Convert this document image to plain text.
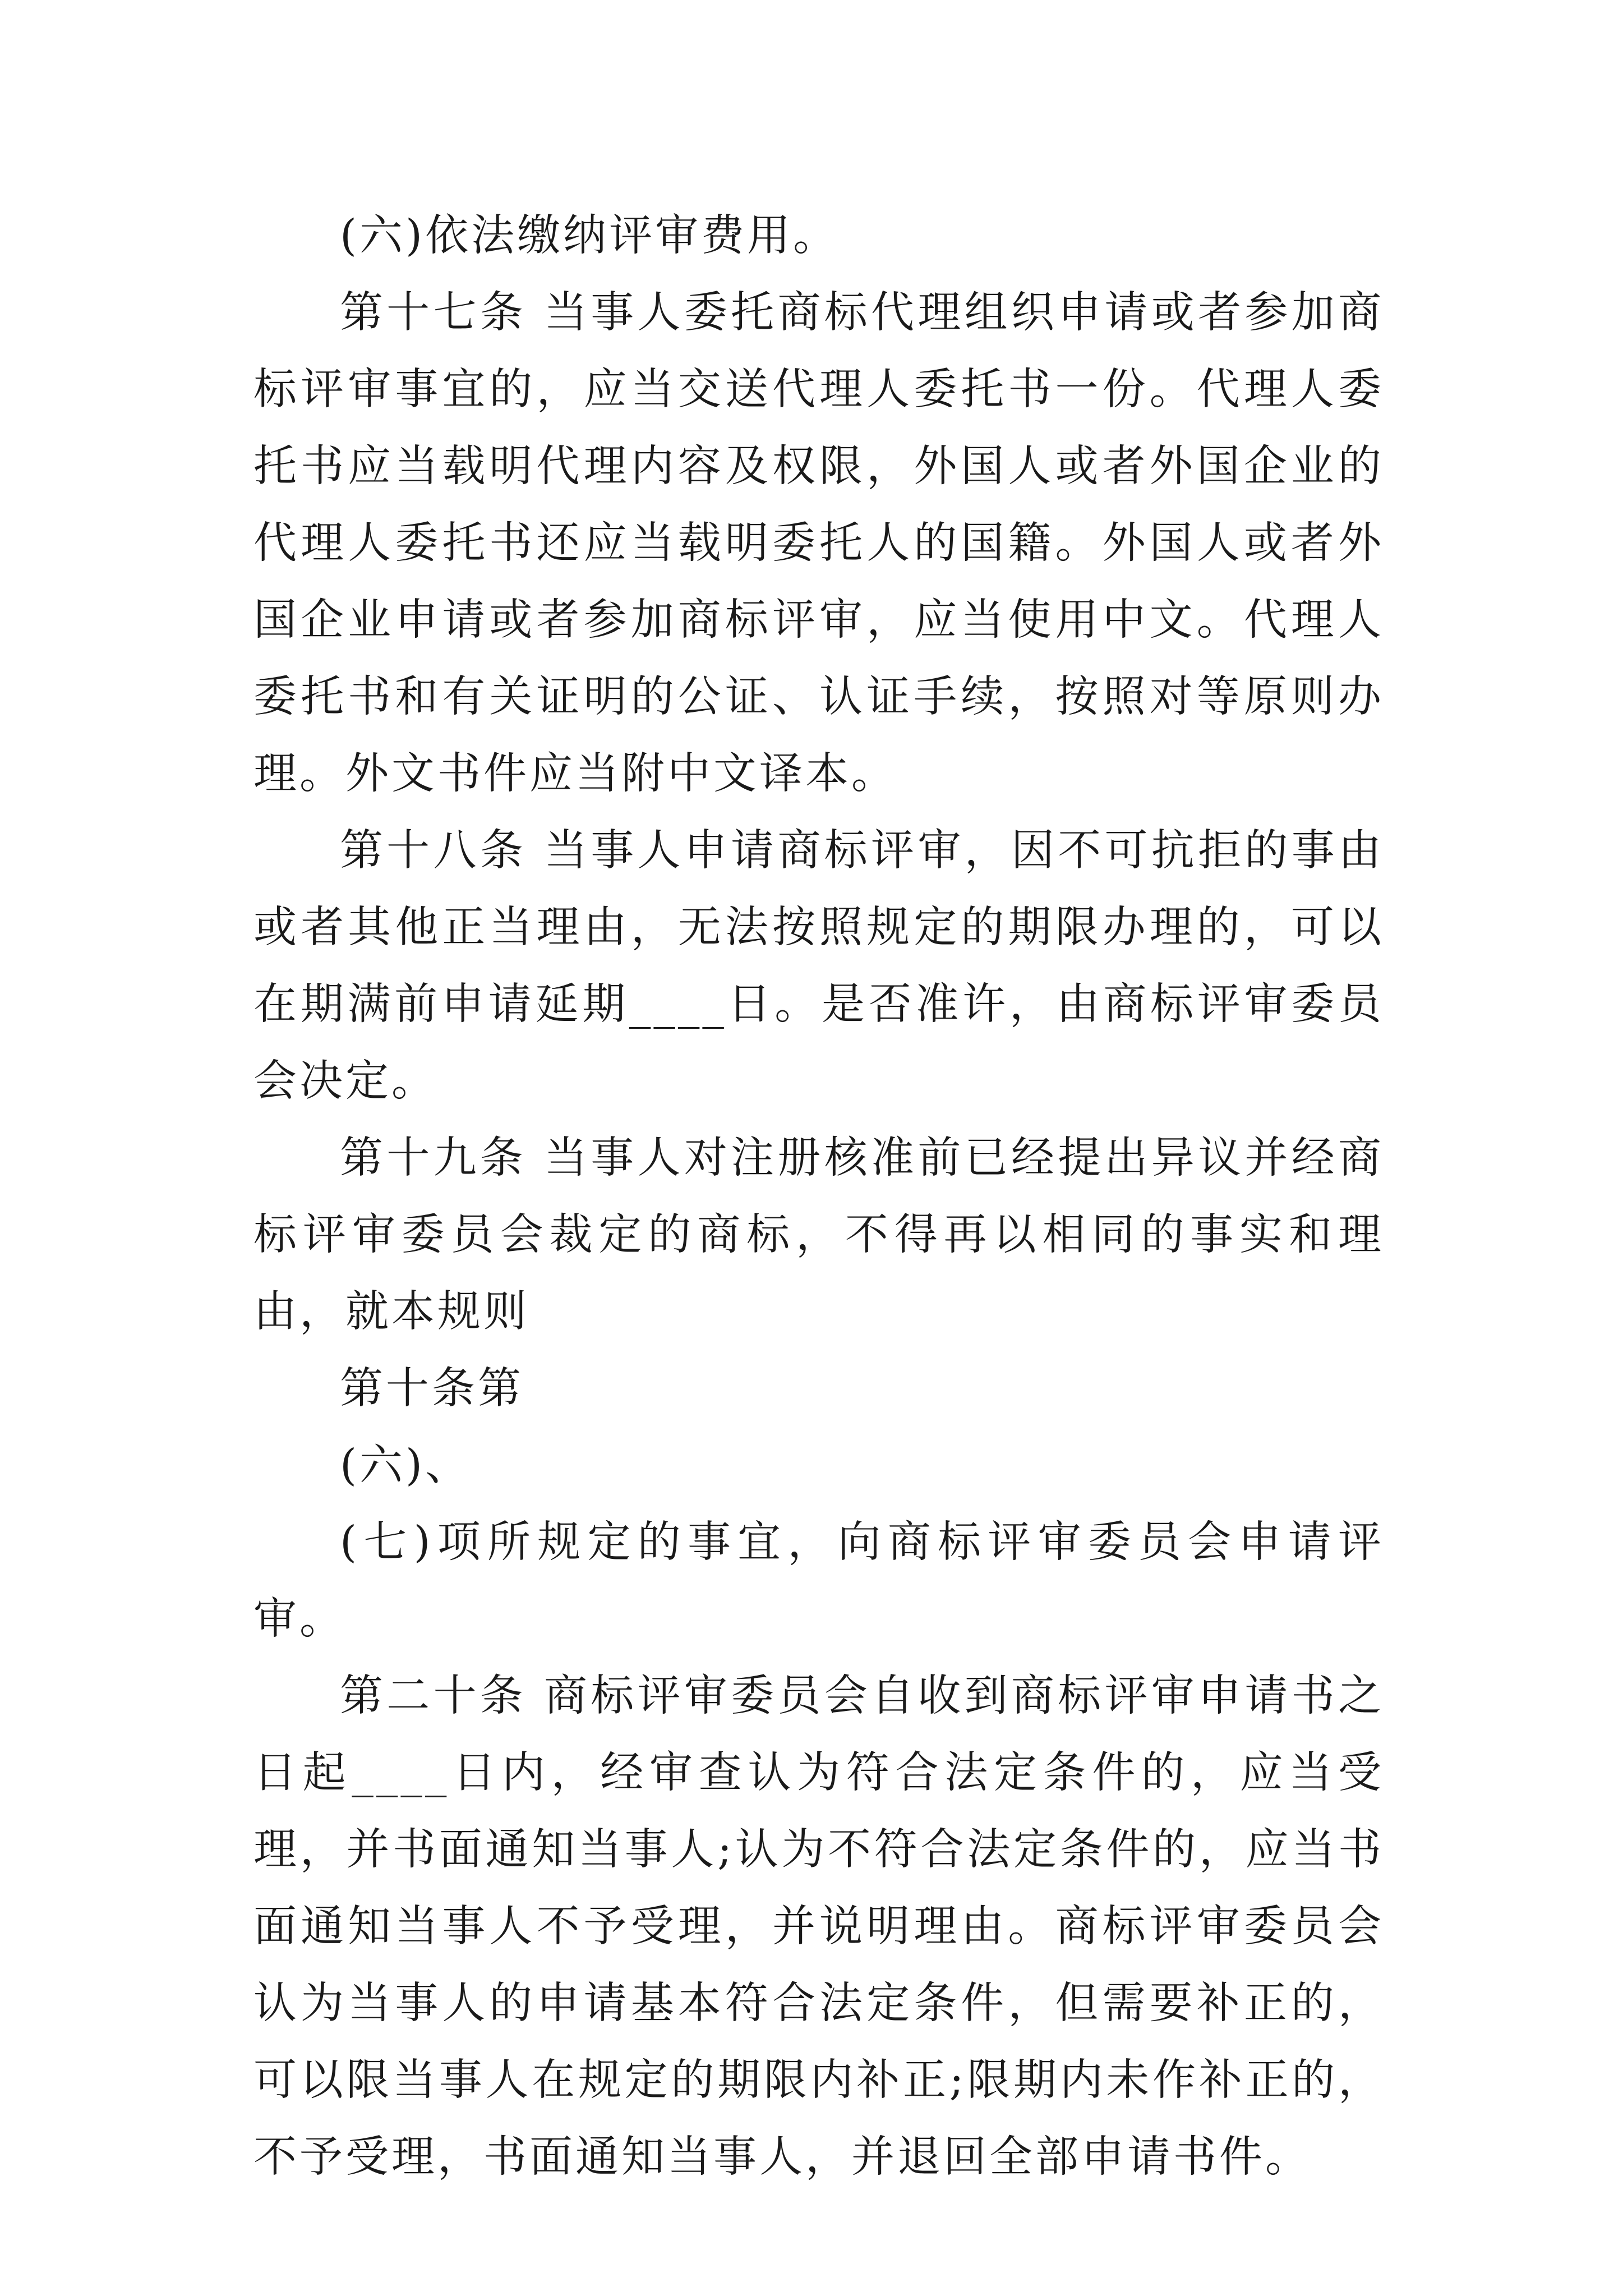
(六)依法缴纳评审费用。

第十七条 当事人委托商标代理组织申请或者参加商标评审事宜的，应当交送代理人委托书一份。代理人委托书应当载明代理内容及权限，外国人或者外国企业的代理人委托书还应当载明委托人的国籍。外国人或者外国企业申请或者参加商标评审，应当使用中文。代理人委托书和有关证明的公证、认证手续，按照对等原则办理。外文书件应当附中文译本。

第十八条 当事人申请商标评审，因不可抗拒的事由或者其他正当理由，无法按照规定的期限办理的，可以在期满前申请延期____日。是否准许，由商标评审委员会决定。

第十九条 当事人对注册核准前已经提出异议并经商标评审委员会裁定的商标，不得再以相同的事实和理由，就本规则

第十条第

(六)、

(七)项所规定的事宜，向商标评审委员会申请评审。

第二十条 商标评审委员会自收到商标评审申请书之日起____日内，经审查认为符合法定条件的，应当受理，并书面通知当事人;认为不符合法定条件的，应当书面通知当事人不予受理，并说明理由。商标评审委员会认为当事人的申请基本符合法定条件，但需要补正的，可以限当事人在规定的期限内补正;限期内未作补正的，不予受理，书面通知当事人，并退回全部申请书件。
